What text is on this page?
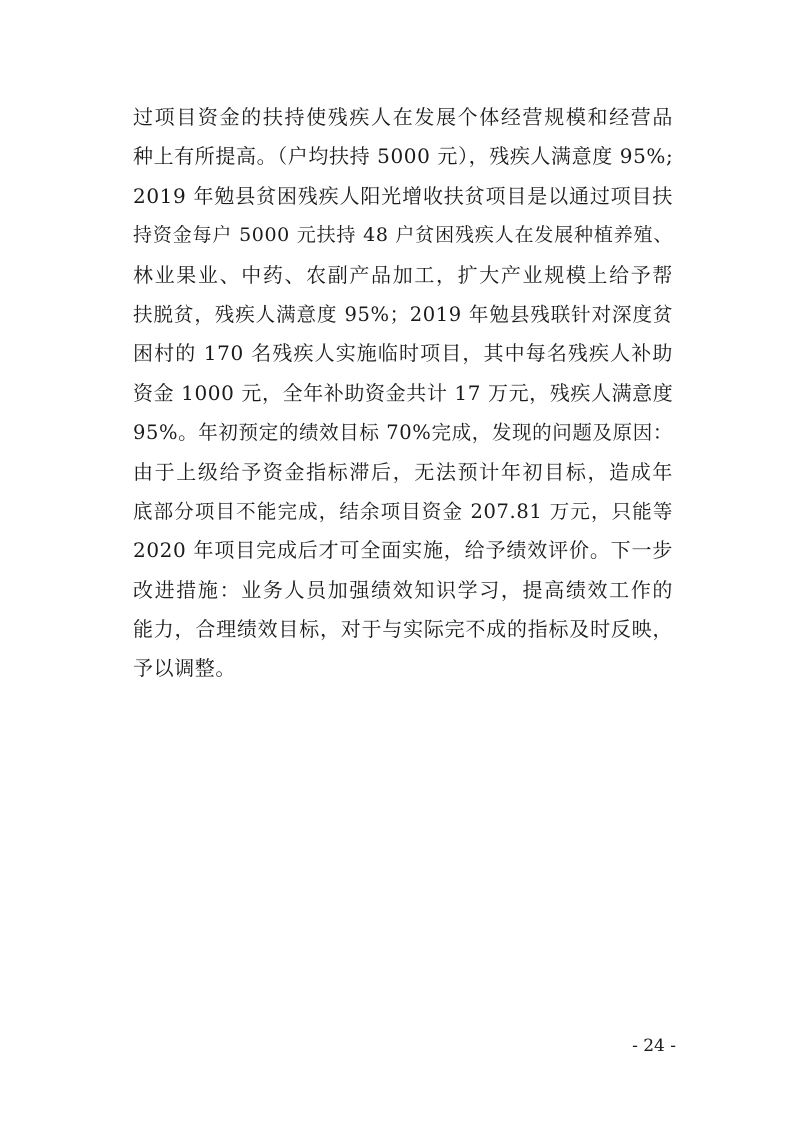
过项目资金的扶持使残疾人在发展个体经营规模和经营品
种上有所提高。（户均扶持 5000 元），残疾人满意度 95%;
2019 年勉县贫困残疾人阳光增收扶贫项目是以通过项目扶
持资金每户 5000 元扶持 48 户贫困残疾人在发展种植养殖、
林业果业、中药、农副产品加工，扩大产业规模上给予帮
扶脱贫，残疾人满意度 95%；2019 年勉县残联针对深度贫
困村的 170 名残疾人实施临时项目，其中每名残疾人补助
资金 1000 元，全年补助资金共计 17 万元，残疾人满意度
95%。年初预定的绩效目标 70%完成，发现的问题及原因：
由于上级给予资金指标滞后，无法预计年初目标，造成年
底部分项目不能完成，结余项目资金 207.81 万元，只能等
2020 年项目完成后才可全面实施，给予绩效评价。下一步
改进措施：业务人员加强绩效知识学习，提高绩效工作的
能力，合理绩效目标，对于与实际完不成的指标及时反映，
予以调整。
- 24 -
